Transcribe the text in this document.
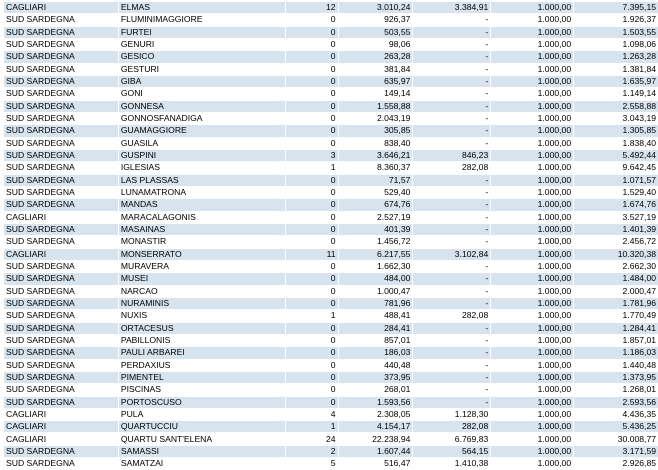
CAGLIARI	ELMAS	12	3.010,24	3.384,91	1.000,00	7.395,15
SUD SARDEGNA	FLUMINIMAGGIORE	0	926,37	-	1.000,00	1.926,37
SUD SARDEGNA	FURTEI	0	503,55	-	1.000,00	1.503,55
SUD SARDEGNA	GENURI	0	98,06	-	1.000,00	1.098,06
SUD SARDEGNA	GESICO	0	263,28	-	1.000,00	1.263,28
SUD SARDEGNA	GESTURI	0	381,84	-	1.000,00	1.381,84
SUD SARDEGNA	GIBA	0	635,97	-	1.000,00	1.635,97
SUD SARDEGNA	GONI	0	149,14	-	1.000,00	1.149,14
SUD SARDEGNA	GONNESA	0	1.558,88	-	1.000,00	2.558,88
SUD SARDEGNA	GONNOSFANADIGA	0	2.043,19	-	1.000,00	3.043,19
SUD SARDEGNA	GUAMAGGIORE	0	305,85	-	1.000,00	1.305,85
SUD SARDEGNA	GUASILA	0	838,40	-	1.000,00	1.838,40
SUD SARDEGNA	GUSPINI	3	3.646,21	846,23	1.000,00	5.492,44
SUD SARDEGNA	IGLESIAS	1	8.360,37	282,08	1.000,00	9.642,45
SUD SARDEGNA	LAS PLASSAS	0	71,57	-	1.000,00	1.071,57
SUD SARDEGNA	LUNAMATRONA	0	529,40	-	1.000,00	1.529,40
SUD SARDEGNA	MANDAS	0	674,76	-	1.000,00	1.674,76
CAGLIARI	MARACALAGONIS	0	2.527,19	-	1.000,00	3.527,19
SUD SARDEGNA	MASAINAS	0	401,39	-	1.000,00	1.401,39
SUD SARDEGNA	MONASTIR	0	1.456,72	-	1.000,00	2.456,72
CAGLIARI	MONSERRATO	11	6.217,55	3.102,84	1.000,00	10.320,38
SUD SARDEGNA	MURAVERA	0	1.662,30	-	1.000,00	2.662,30
SUD SARDEGNA	MUSEI	0	484,00	-	1.000,00	1.484,00
SUD SARDEGNA	NARCAO	0	1.000,47	-	1.000,00	2.000,47
SUD SARDEGNA	NURAMINIS	0	781,96	-	1.000,00	1.781,96
SUD SARDEGNA	NUXIS	1	488,41	282,08	1.000,00	1.770,49
SUD SARDEGNA	ORTACESUS	0	284,41	-	1.000,00	1.284,41
SUD SARDEGNA	PABILLONIS	0	857,01	-	1.000,00	1.857,01
SUD SARDEGNA	PAULI ARBAREI	0	186,03	-	1.000,00	1.186,03
SUD SARDEGNA	PERDAXIUS	0	440,48	-	1.000,00	1.440,48
SUD SARDEGNA	PIMENTEL	0	373,95	-	1.000,00	1.373,95
SUD SARDEGNA	PISCINAS	0	268,01	-	1.000,00	1.268,01
SUD SARDEGNA	PORTOSCUSO	0	1.593,56	-	1.000,00	2.593,56
CAGLIARI	PULA	4	2.308,05	1.128,30	1.000,00	4.436,35
CAGLIARI	QUARTUCCIU	1	4.154,17	282,08	1.000,00	5.436,25
CAGLIARI	QUARTU SANT'ELENA	24	22.238,94	6.769,83	1.000,00	30.008,77
SUD SARDEGNA	SAMASSI	2	1.607,44	564,15	1.000,00	3.171,59
SUD SARDEGNA	SAMATZAI	5	516,47	1.410,38	1.000,00	2.926,85
